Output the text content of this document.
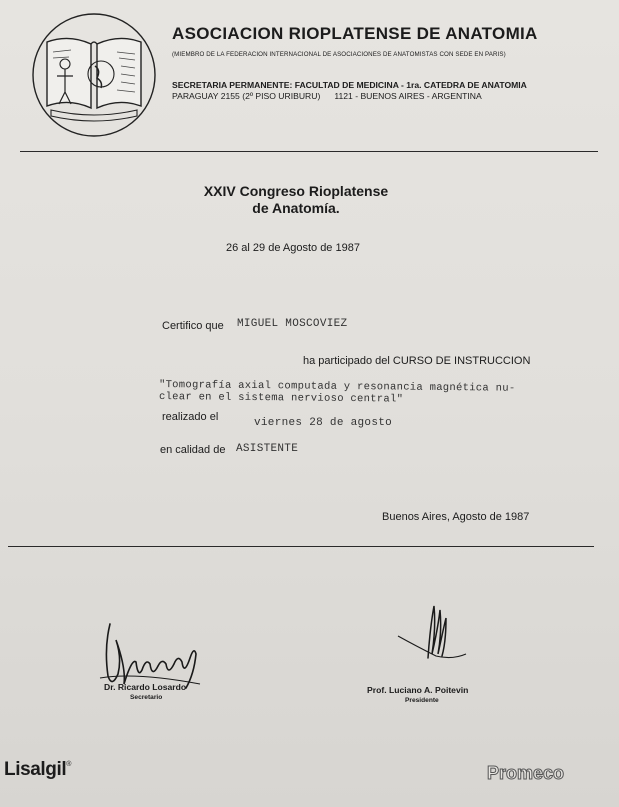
ASOCIACION RIOPLATENSE DE ANATOMIA
(MIEMBRO DE LA FEDERACION INTERNACIONAL DE ASOCIACIONES DE ANATOMISTAS CON SEDE EN PARIS)
SECRETARIA PERMANENTE: FACULTAD DE MEDICINA - 1ra. CATEDRA DE ANATOMIA
PARAGUAY 2155 (2º PISO URIBURU) 1121 - BUENOS AIRES - ARGENTINA
XXIV Congreso Rioplatense
de Anatomía.
26 al 29 de Agosto de 1987
Certifico que MIGUEL MOSCOVIEZ
ha participado del CURSO DE INSTRUCCION
"Tomografía axial computada y resonancia magnética nu-
clear en el sistema nervioso central"
realizado el	viernes 28 de agosto
en calidad de ASISTENTE
Buenos Aires, Agosto de 1987
Dr. Ricardo Losardo
Secretario
Prof. Luciano A. Poitevin
Presidente
Lisalgil®	Promeco
